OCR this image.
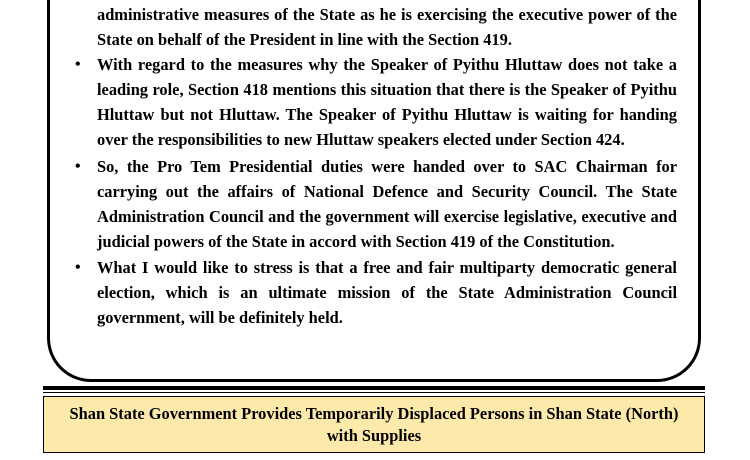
administrative measures of the State as he is exercising the executive power of the State on behalf of the President in line with the Section 419.

• With regard to the measures why the Speaker of Pyithu Hluttaw does not take a leading role, Section 418 mentions this situation that there is the Speaker of Pyithu Hluttaw but not Hluttaw. The Speaker of Pyithu Hluttaw is waiting for handing over the responsibilities to new Hluttaw speakers elected under Section 424.
• So, the Pro Tem Presidential duties were handed over to SAC Chairman for carrying out the affairs of National Defence and Security Council. The State Administration Council and the government will exercise legislative, executive and judicial powers of the State in accord with Section 419 of the Constitution.
• What I would like to stress is that a free and fair multiparty democratic general election, which is an ultimate mission of the State Administration Council government, will be definitely held.
Shan State Government Provides Temporarily Displaced Persons in Shan State (North) with Supplies
